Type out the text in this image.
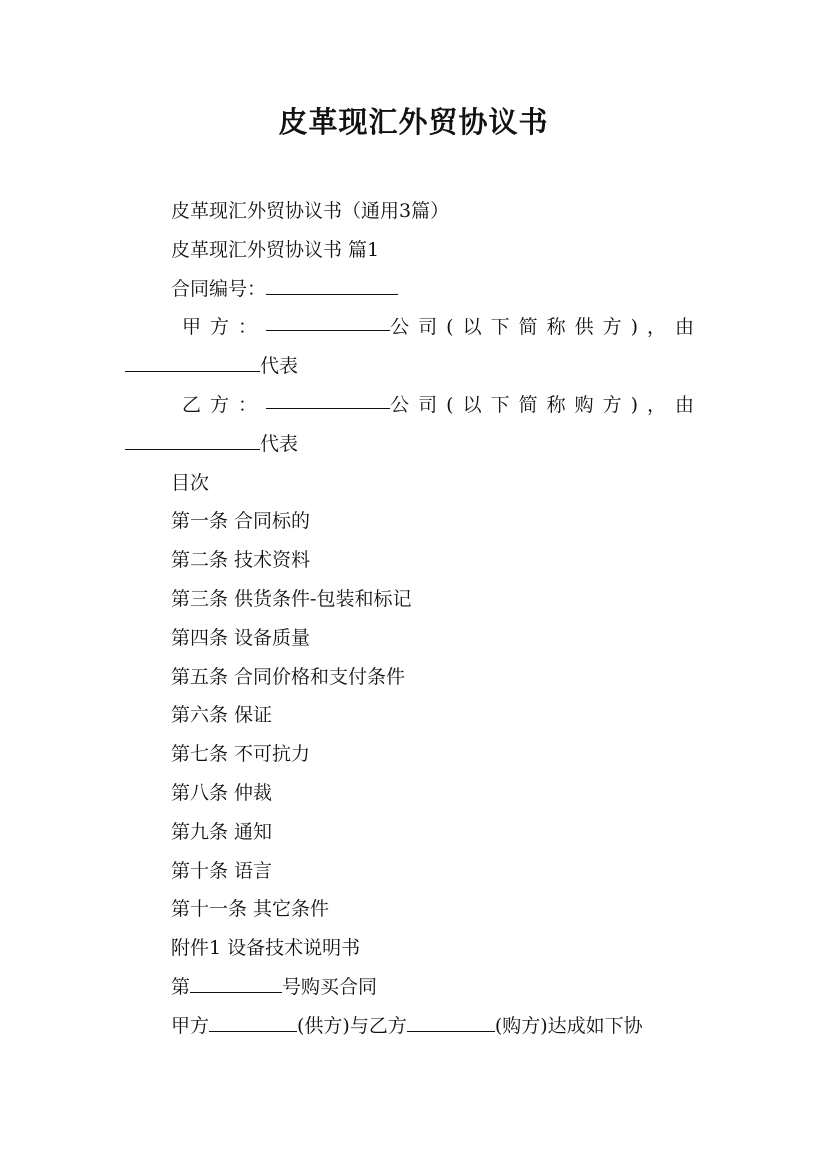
皮革现汇外贸协议书
皮革现汇外贸协议书（通用3篇）
皮革现汇外贸协议书 篇1
合同编号：
甲方：	公司(以下简称供方)，由
代表
乙方：	公司(以下简称购方)，由
代表
目次
第一条 合同标的
第二条 技术资料
第三条 供货条件-包装和标记
第四条 设备质量
第五条 合同价格和支付条件
第六条 保证
第七条 不可抗力
第八条 仲裁
第九条 通知
第十条 语言
第十一条 其它条件
附件1 设备技术说明书
第	号购买合同
甲方	(供方)与乙方	(购方)达成如下协
